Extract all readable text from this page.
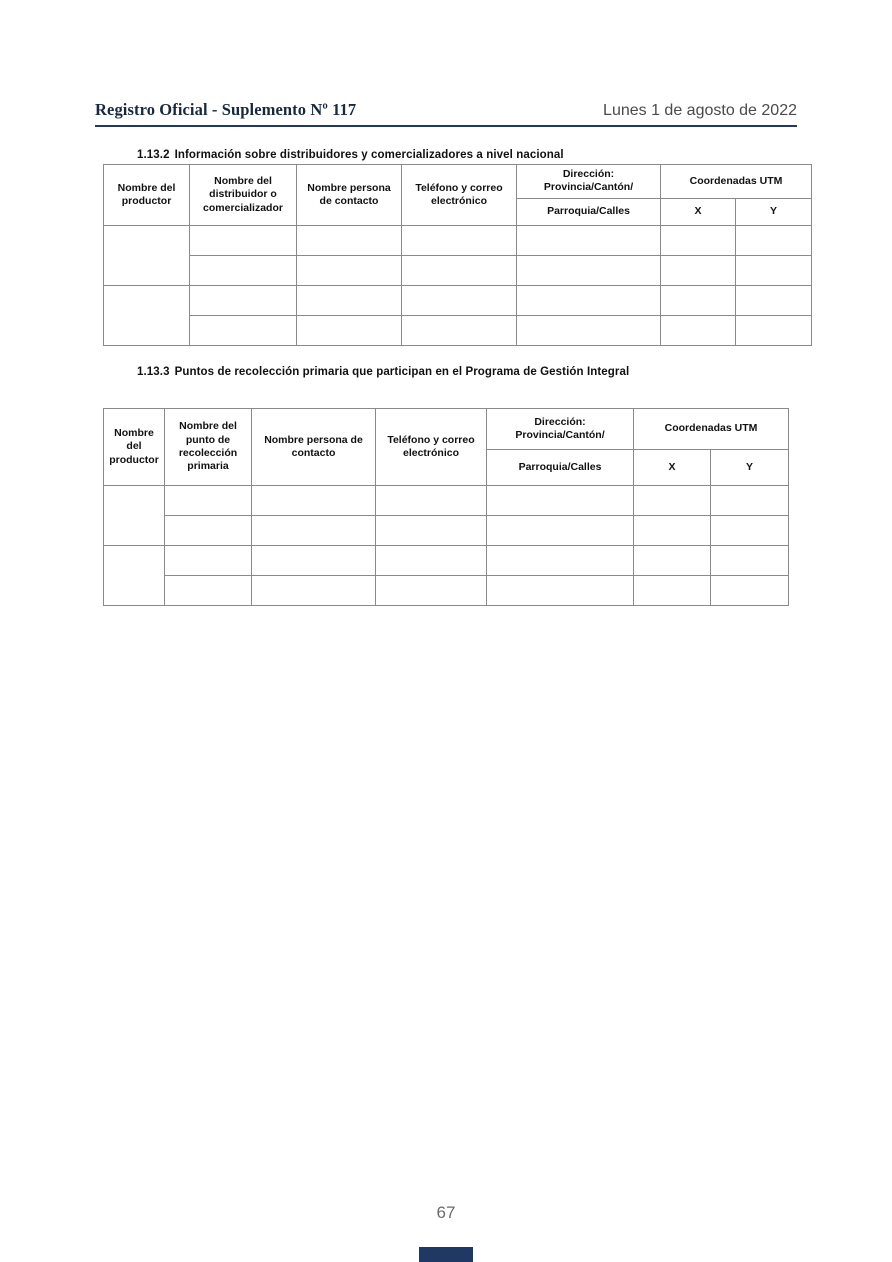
Registro Oficial - Suplemento Nº 117	Lunes 1 de agosto de 2022
1.13.2 Información sobre distribuidores y comercializadores a nivel nacional
Nombre del productor	Nombre del distribuidor o comercializador	Nombre persona de contacto	Teléfono y correo electrónico	Dirección: Provincia/Cantón/	Coordenadas UTM	
				Parroquia/Calles	X	Y

1.13.3 Puntos de recolección primaria que participan en el Programa de Gestión Integral
Nombre del productor	Nombre del punto de recolección primaria	Nombre persona de contacto	Teléfono y correo electrónico	Dirección: Provincia/Cantón/	Coordenadas UTM	
				Parroquia/Calles	X	Y

67
